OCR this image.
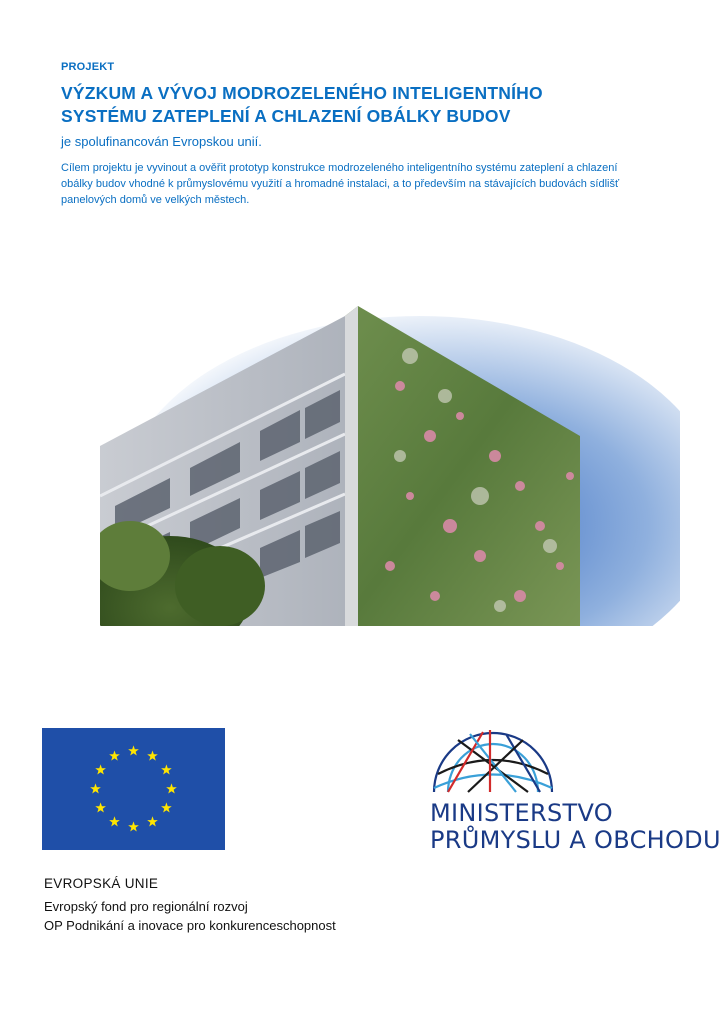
PROJEKT
VÝZKUM A VÝVOJ MODROZELENÉHO INTELIGENTNÍHO
SYSTÉMU ZATEPLENÍ A CHLAZENÍ OBÁLKY BUDOV
je spolufinancován Evropskou unií.
Cílem projektu je vyvinout a ověřit prototyp konstrukce modrozeleného inteligentního systému zateplení a chlazení obálky budov vhodné k průmyslovému využití a hromadné instalaci, a to především na stávajících budovách sídlišť panelových domů ve velkých městech.
MINISTERSTVO
PRŮMYSLU A OBCHODU
EVROPSKÁ UNIE
Evropský fond pro regionální rozvoj
OP Podnikání a inovace pro konkurenceschopnost
